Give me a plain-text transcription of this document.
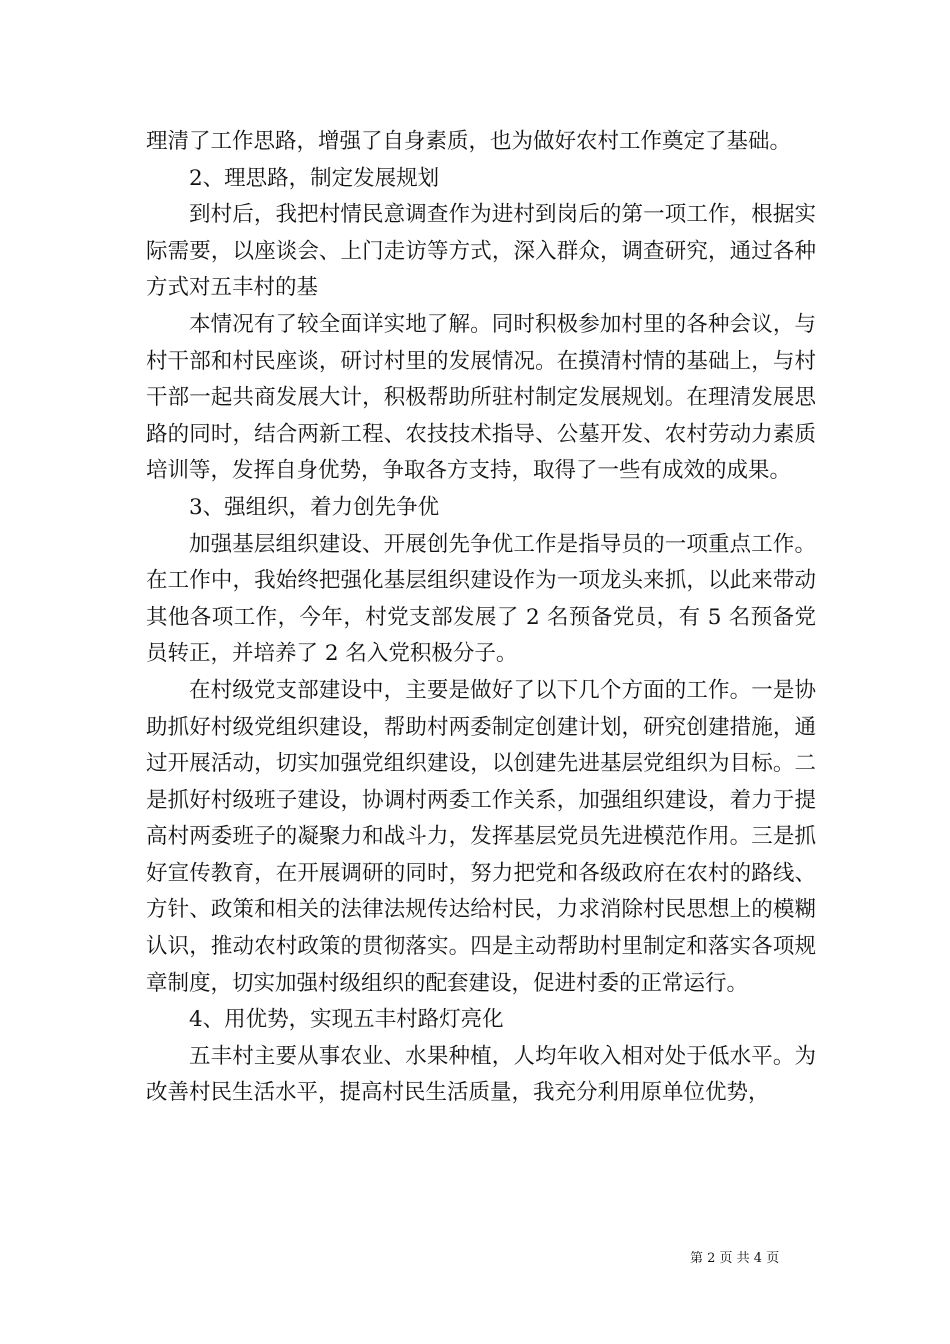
理清了工作思路，增强了自身素质，也为做好农村工作奠定了基础。

2、理思路，制定发展规划

到村后，我把村情民意调查作为进村到岗后的第一项工作，根据实际需要，以座谈会、上门走访等方式，深入群众，调查研究，通过各种方式对五丰村的基

本情况有了较全面详实地了解。同时积极参加村里的各种会议，与村干部和村民座谈，研讨村里的发展情况。在摸清村情的基础上，与村干部一起共商发展大计，积极帮助所驻村制定发展规划。在理清发展思路的同时，结合两新工程、农技技术指导、公墓开发、农村劳动力素质培训等，发挥自身优势，争取各方支持，取得了一些有成效的成果。

3、强组织，着力创先争优

加强基层组织建设、开展创先争优工作是指导员的一项重点工作。在工作中，我始终把强化基层组织建设作为一项龙头来抓，以此来带动其他各项工作，今年，村党支部发展了 2 名预备党员，有 5 名预备党员转正，并培养了 2 名入党积极分子。

在村级党支部建设中，主要是做好了以下几个方面的工作。一是协助抓好村级党组织建设，帮助村两委制定创建计划，研究创建措施，通过开展活动，切实加强党组织建设，以创建先进基层党组织为目标。二是抓好村级班子建设，协调村两委工作关系，加强组织建设，着力于提高村两委班子的凝聚力和战斗力，发挥基层党员先进模范作用。三是抓好宣传教育，在开展调研的同时，努力把党和各级政府在农村的路线、方针、政策和相关的法律法规传达给村民，力求消除村民思想上的模糊认识，推动农村政策的贯彻落实。四是主动帮助村里制定和落实各项规章制度，切实加强村级组织的配套建设，促进村委的正常运行。

4、用优势，实现五丰村路灯亮化

五丰村主要从事农业、水果种植，人均年收入相对处于低水平。为改善村民生活水平，提高村民生活质量，我充分利用原单位优势，

第 2 页 共 4 页
